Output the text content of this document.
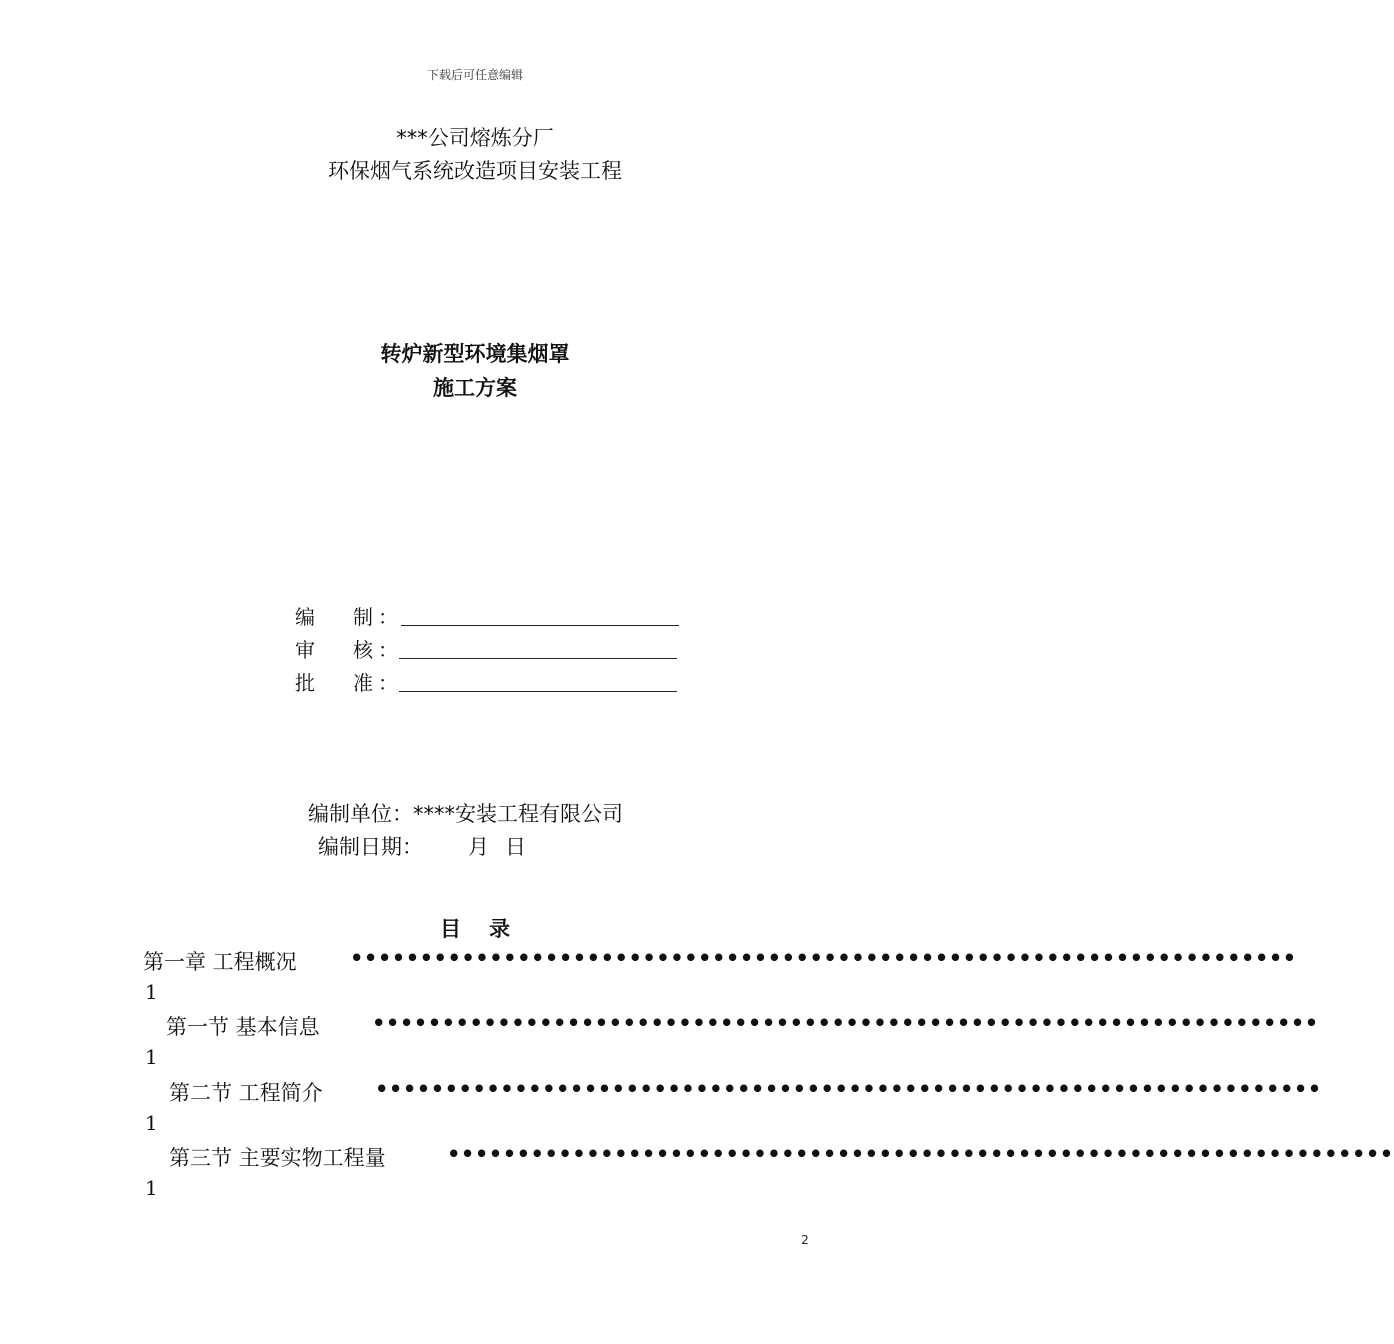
下载后可任意编辑
***公司熔炼分厂
环保烟气系统改造项目安装工程
转炉新型环境集烟罩
施工方案
编 制 ：
审 核 ：
批 准 ：
编制单位：****安装工程有限公司
编制日期： 月 日
目 录
第一章 工程概况	••••••••••••••••••••••••••••••••••••••••••••••••••••••••••••••••••••
1
第一节 基本信息 ••••••••••••••••••••••••••••••••••••••••••••••••••••••••••••••••••••
1
第二节 工程简介 ••••••••••••••••••••••••••••••••••••••••••••••••••••••••••••••••••••
1
第三节 主要实物工程量	••••••••••••••••••••••••••••••••••••••••••••••••••••••••••••••••••••
1
2
